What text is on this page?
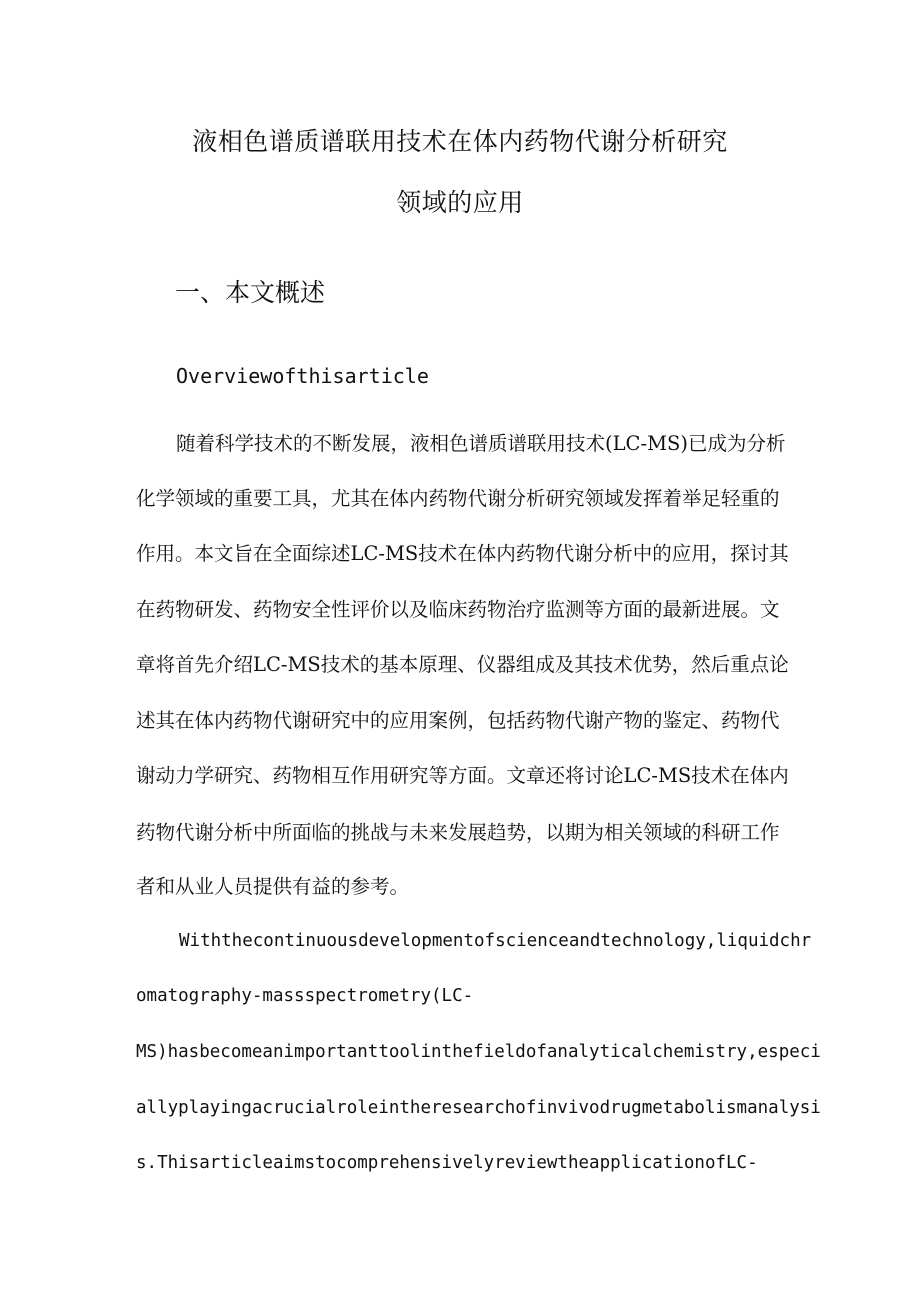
液相色谱质谱联用技术在体内药物代谢分析研究
领域的应用
一、本文概述
Overviewofthisarticle
随着科学技术的不断发展，液相色谱质谱联用技术(LC-MS)已成为分析
化学领域的重要工具，尤其在体内药物代谢分析研究领域发挥着举足轻重的
作用。本文旨在全面综述LC-MS技术在体内药物代谢分析中的应用，探讨其
在药物研发、药物安全性评价以及临床药物治疗监测等方面的最新进展。文
章将首先介绍LC-MS技术的基本原理、仪器组成及其技术优势，然后重点论
述其在体内药物代谢研究中的应用案例，包括药物代谢产物的鉴定、药物代
谢动力学研究、药物相互作用研究等方面。文章还将讨论LC-MS技术在体内
药物代谢分析中所面临的挑战与未来发展趋势，以期为相关领域的科研工作
者和从业人员提供有益的参考。
Withthecontinuousdevelopmentofscienceandtechnology,liquidchr
omatography-massspectrometry(LC-
MS)hasbecomeanimportanttoolinthefieldofanalyticalchemistry,especi
allyplayingacrucialroleintheresearchofinvivodrugmetabolismanalysi
s.ThisarticleaimstocomprehensivelyreviewtheapplicationofLC-
